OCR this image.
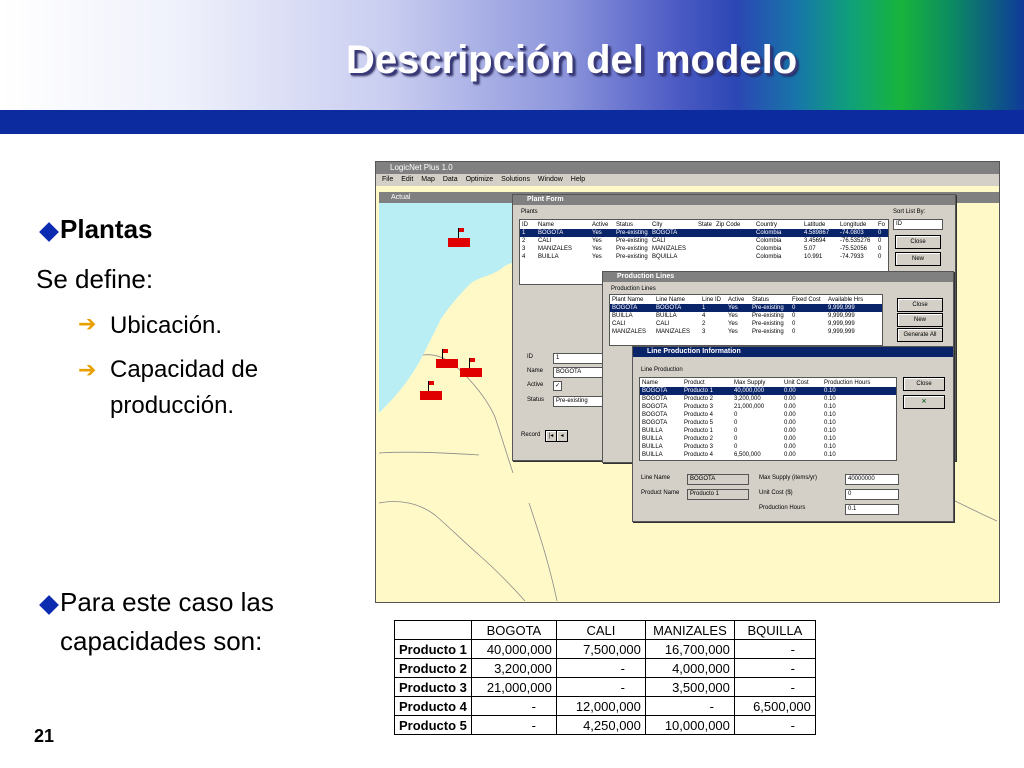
Descripción del modelo
Plantas
Se define:
➔ Ubicación.
➔ Capacidad de
producción.
Para este caso las
capacidades son:
21
LogicNet Plus 1.0
File Edit Map Data Optimize Solutions Window Help
Actual	Plant Form
Plants
ID Name	Active Status	City	State Zip Code	Country	Latitude Longitude Fo
1 BOGOTA	Yes Pre-existing BOGOTA	Colombia	4.589867 -74.0803 0
2 CALI	Yes Pre-existing CALI	Colombia	3.45694 -76.535276 0
3 MANIZALES	Yes Pre-existing MANIZALES	Colombia	5.07	-75.52056 0
4 BUILLA	Yes Pre-existing BQUILLA	Colombia	10.991	-74.7933 0
Sort List By:
ID
Close
New
ID	1
Name	BOGOTA
Active	✓
Status	Pre-existing
Record	|◂	◂
Production Lines
Production Lines
Plant Name Line Name	Line ID Active Status	Fixed Cost Available Hrs
BOGOTA	BOGOTA	1	Yes Pre-existing 0	9,999,999
BUILLA	BUILLA	4	Yes Pre-existing 0	9,999,999
CALI	CALI	2	Yes Pre-existing 0	9,999,999
MANIZALES MANIZALES 3	Yes Pre-existing 0	9,999,999
Close
New
Generate All
Line Production Information
Line Production
Name	Product	Max Supply	Unit Cost	Production Hours
BOGOTA	Producto 1	40,000,000	0.00	0.10
BOGOTA	Producto 2	3,200,000	0.00	0.10
BOGOTA	Producto 3	21,000,000	0.00	0.10
BOGOTA	Producto 4	0	0.00	0.10
BOGOTA	Producto 5	0	0.00	0.10
BUILLA	Producto 1	0	0.00	0.10
BUILLA	Producto 2	0	0.00	0.10
BUILLA	Producto 3	0	0.00	0.10
BUILLA	Producto 4	6,500,000	0.00	0.10
Close
✕
Line Name	BOGOTA
Product Name	Producto 1
Max Supply (items/yr)	40000000
Unit Cost ($)	0
Production Hours	0.1
	BOGOTA	CALI	MANIZALES	BQUILLA
Producto 1	40,000,000	7,500,000	16,700,000	-
Producto 2	3,200,000	-	4,000,000	-
Producto 3	21,000,000	-	3,500,000	-
Producto 4	-	12,000,000	-	6,500,000
Producto 5	-	4,250,000	10,000,000	-
